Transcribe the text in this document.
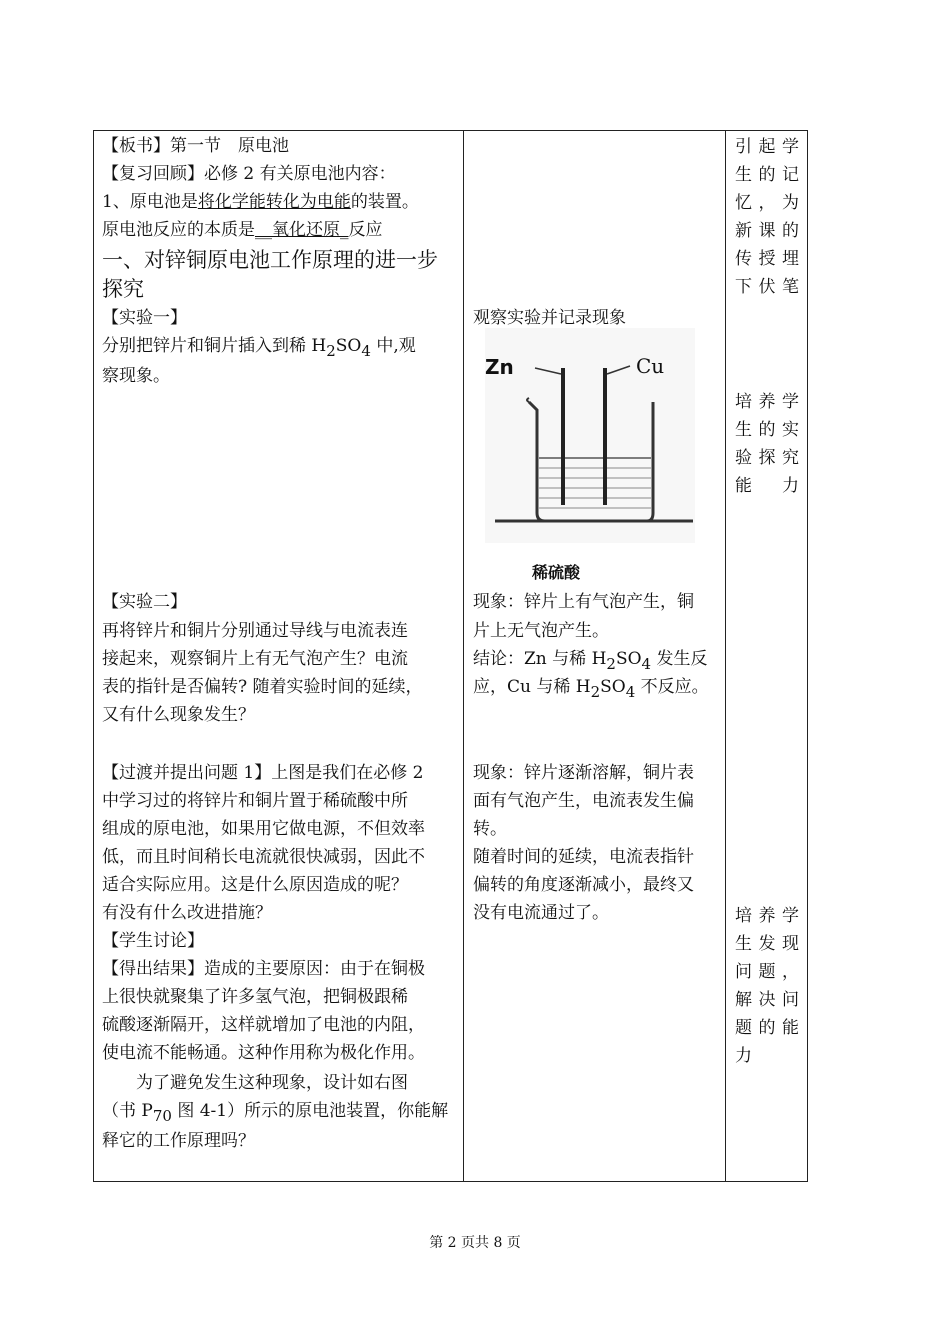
【板书】第一节　原电池
【复习回顾】必修 2 有关原电池内容：
1、原电池是将化学能转化为电能的装置。
原电池反应的本质是__氧化还原_反应
一、对锌铜原电池工作原理的进一步
探究
【实验一】
分别把锌片和铜片插入到稀 $H_2SO_4$ 中,观
察现象。
【实验二】
再将锌片和铜片分别通过导线与电流表连
接起来，观察铜片上有无气泡产生？电流
表的指针是否偏转? 随着实验时间的延续，
又有什么现象发生？
【过渡并提出问题 1】上图是我们在必修 2
中学习过的将锌片和铜片置于稀硫酸中所
组成的原电池，如果用它做电源，不但效率
低，而且时间稍长电流就很快减弱，因此不
适合实际应用。这是什么原因造成的呢？
有没有什么改进措施？
【学生讨论】
【得出结果】造成的主要原因：由于在铜极
上很快就聚集了许多氢气泡，把铜极跟稀
硫酸逐渐隔开，这样就增加了电池的内阻，
使电流不能畅通。这种作用称为极化作用。
　　为了避免发生这种现象，设计如右图
（书 $P_{70}$ 图 4-1）所示的原电池装置，你能解
释它的工作原理吗？
观察实验并记录现象
现象：锌片上有气泡产生，铜
片上无气泡产生。
结论：Zn 与稀 $H_2SO_4$ 发生反
应，Cu 与稀 $H_2SO_4$ 不反应。
现象：锌片逐渐溶解，铜片表
面有气泡产生，电流表发生偏
转。
随着时间的延续，电流表指针
偏转的角度逐渐减小，最终又
没有电流通过了。
引起学生的记忆，为新课的传授埋下伏笔
培养学生的实验探究能力
培养学生发现问题，解决问题的能力
Zn	Cu
稀硫酸
第 2 页共 8 页
